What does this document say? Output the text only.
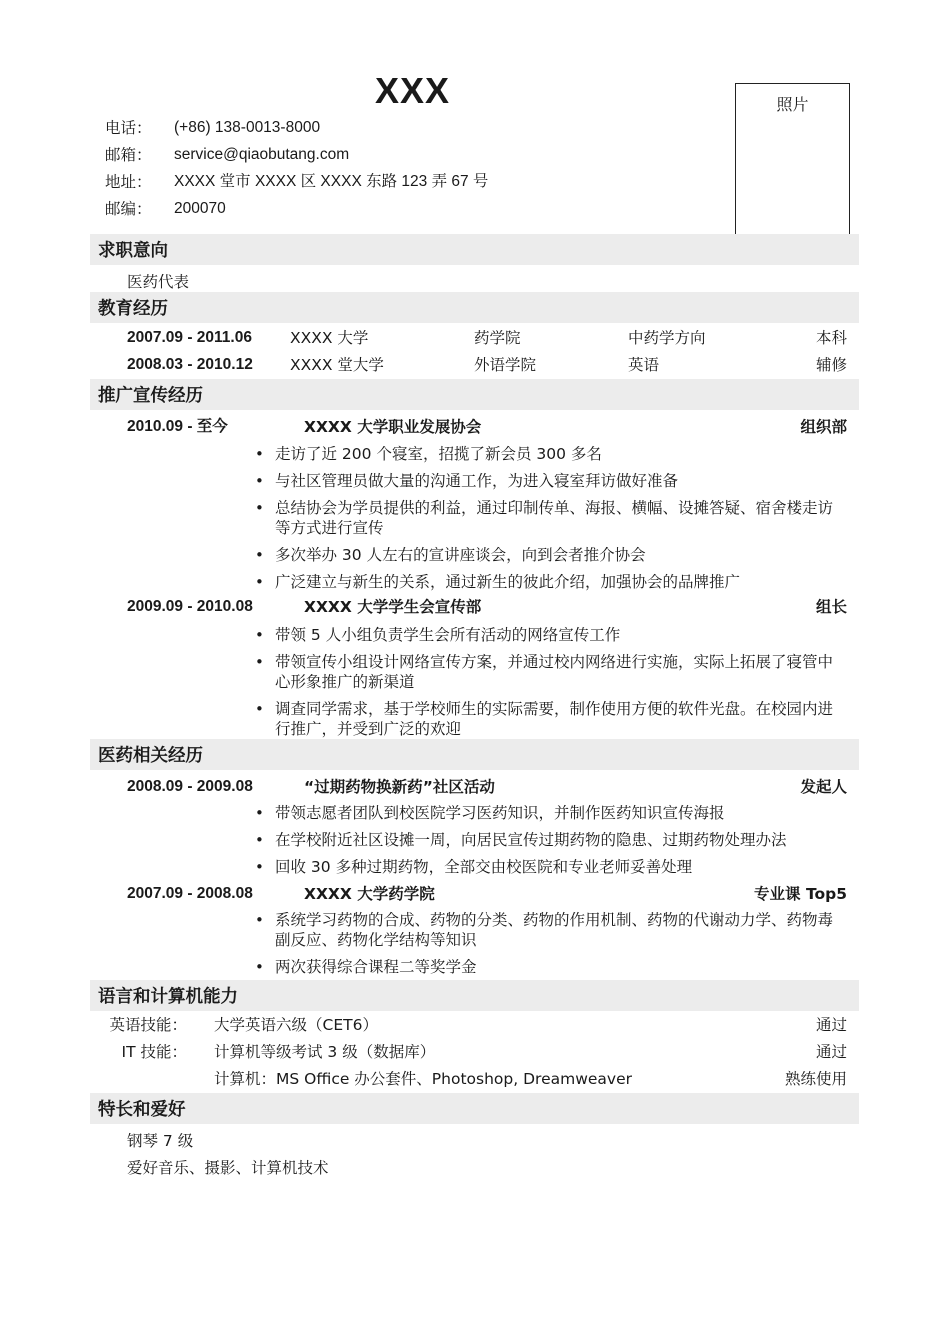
XXX
电话：	(+86) 138-0013-8000
邮箱：	service@qiaobutang.com
地址：	XXXX 堂市 XXXX 区 XXXX 东路 123 弄 67 号
邮编：	200070
照片
求职意向
医药代表
教育经历
2007.09 - 2011.06 XXXX 大学	药学院	中药学方向	本科
2008.03 - 2010.12 XXXX 堂大学	外语学院	英语	辅修
推广宣传经历
2010.09 - 至今	XXXX 大学职业发展协会	组织部
• 走访了近 200 个寝室，招揽了新会员 300 多名
• 与社区管理员做大量的沟通工作，为进入寝室拜访做好准备
• 总结协会为学员提供的利益，通过印制传单、海报、横幅、设摊答疑、宿舍楼走访等方式进行宣传
• 多次举办 30 人左右的宣讲座谈会，向到会者推介协会
• 广泛建立与新生的关系，通过新生的彼此介绍，加强协会的品牌推广
2009.09 - 2010.08	XXXX 大学学生会宣传部	组长
• 带领 5 人小组负责学生会所有活动的网络宣传工作
• 带领宣传小组设计网络宣传方案，并通过校内网络进行实施，实际上拓展了寝管中心形象推广的新渠道
• 调查同学需求，基于学校师生的实际需要，制作使用方便的软件光盘。在校园内进行推广，并受到广泛的欢迎
医药相关经历
2008.09 - 2009.08	“过期药物换新药”社区活动	发起人
• 带领志愿者团队到校医院学习医药知识，并制作医药知识宣传海报
• 在学校附近社区设摊一周，向居民宣传过期药物的隐患、过期药物处理办法
• 回收 30 多种过期药物，全部交由校医院和专业老师妥善处理
2007.09 - 2008.08	XXXX 大学药学院	专业课 Top5
• 系统学习药物的合成、药物的分类、药物的作用机制、药物的代谢动力学、药物毒副反应、药物化学结构等知识
• 两次获得综合课程二等奖学金
语言和计算机能力
英语技能： 大学英语六级（CET6）	通过
IT 技能： 计算机等级考试 3 级（数据库）	通过
计算机：MS Office 办公套件、Photoshop, Dreamweaver	熟练使用
特长和爱好
钢琴 7 级
爱好音乐、摄影、计算机技术
